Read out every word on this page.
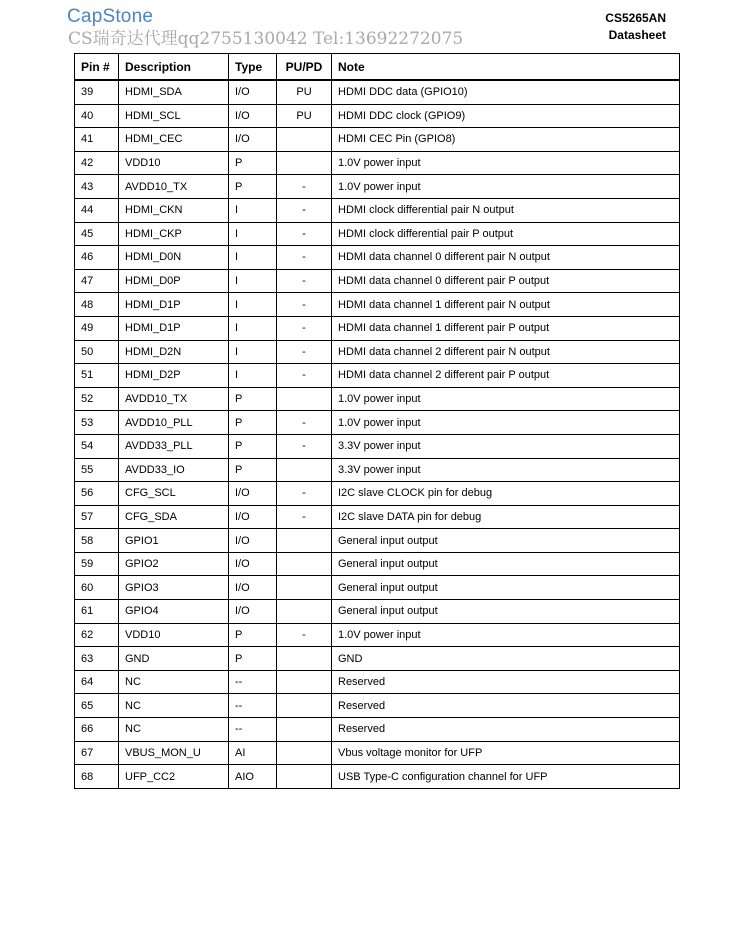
CapStone
CS瑞奇达代理qq2755130042 Tel:13692272075
CS5265AN
Datasheet
Pin #	Description	Type	PU/PD	Note
39	HDMI_SDA	I/O	PU	HDMI DDC data (GPIO10)
40	HDMI_SCL	I/O	PU	HDMI DDC clock (GPIO9)
41	HDMI_CEC	I/O		HDMI CEC Pin (GPIO8)
42	VDD10	P		1.0V power input
43	AVDD10_TX	P	-	1.0V power input
44	HDMI_CKN	I	-	HDMI clock differential pair N output
45	HDMI_CKP	I	-	HDMI clock differential pair P output
46	HDMI_D0N	I	-	HDMI data channel 0 different pair N output
47	HDMI_D0P	I	-	HDMI data channel 0 different pair P output
48	HDMI_D1P	I	-	HDMI data channel 1 different pair N output
49	HDMI_D1P	I	-	HDMI data channel 1 different pair P output
50	HDMI_D2N	I	-	HDMI data channel 2 different pair N output
51	HDMI_D2P	I	-	HDMI data channel 2 different pair P output
52	AVDD10_TX	P		1.0V power input
53	AVDD10_PLL	P	-	1.0V power input
54	AVDD33_PLL	P	-	3.3V power input
55	AVDD33_IO	P		3.3V power input
56	CFG_SCL	I/O	-	I2C slave CLOCK pin for debug
57	CFG_SDA	I/O	-	I2C slave DATA pin for debug
58	GPIO1	I/O		General input output
59	GPIO2	I/O		General input output
60	GPIO3	I/O		General input output
61	GPIO4	I/O		General input output
62	VDD10	P	-	1.0V power input
63	GND	P		GND
64	NC	--		Reserved
65	NC	--		Reserved
66	NC	--		Reserved
67	VBUS_MON_U	AI		Vbus voltage monitor for UFP
68	UFP_CC2	AIO		USB Type-C configuration channel for UFP
